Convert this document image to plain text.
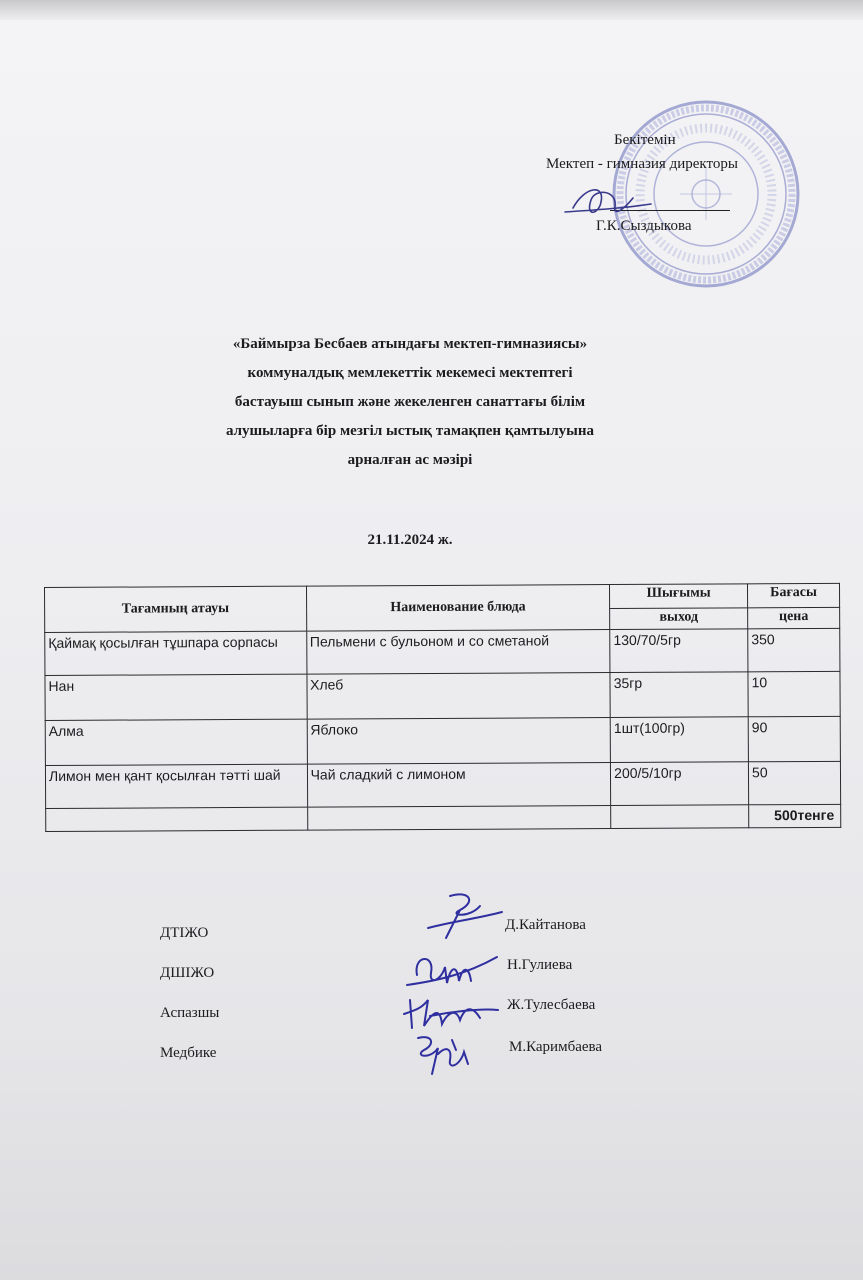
Бекітемін
Мектеп - гимназия директоры
Г.К.Сыздыкова
«Баймырза Бесбаев атындағы мектеп-гимназиясы»
коммуналдық мемлекеттік мекемесі мектептегі
бастауыш сынып және жекеленген санаттағы білім
алушыларға бір мезгіл ыстық тамақпен қамтылуына
арналған ас мәзірі
21.11.2024 ж.
Тағамның атауы	Наименование блюда	Шығымы	Бағасы
		выход	цена
Қаймақ қосылған тұшпара сорпасы	Пельмени с бульоном и со сметаной	130/70/5гр	350
Нан	Хлеб	35гр	10
Алма	Яблоко	1шт(100гр)	90
Лимон мен қант қосылған тәтті шай	Чай сладкий с лимоном	200/5/10гр	50
			500тенге
ДТІЖО
ДШІЖО
Аспазшы
Медбике
Д.Кайтанова
Н.Гулиева
Ж.Тулесбаева
М.Каримбаева
